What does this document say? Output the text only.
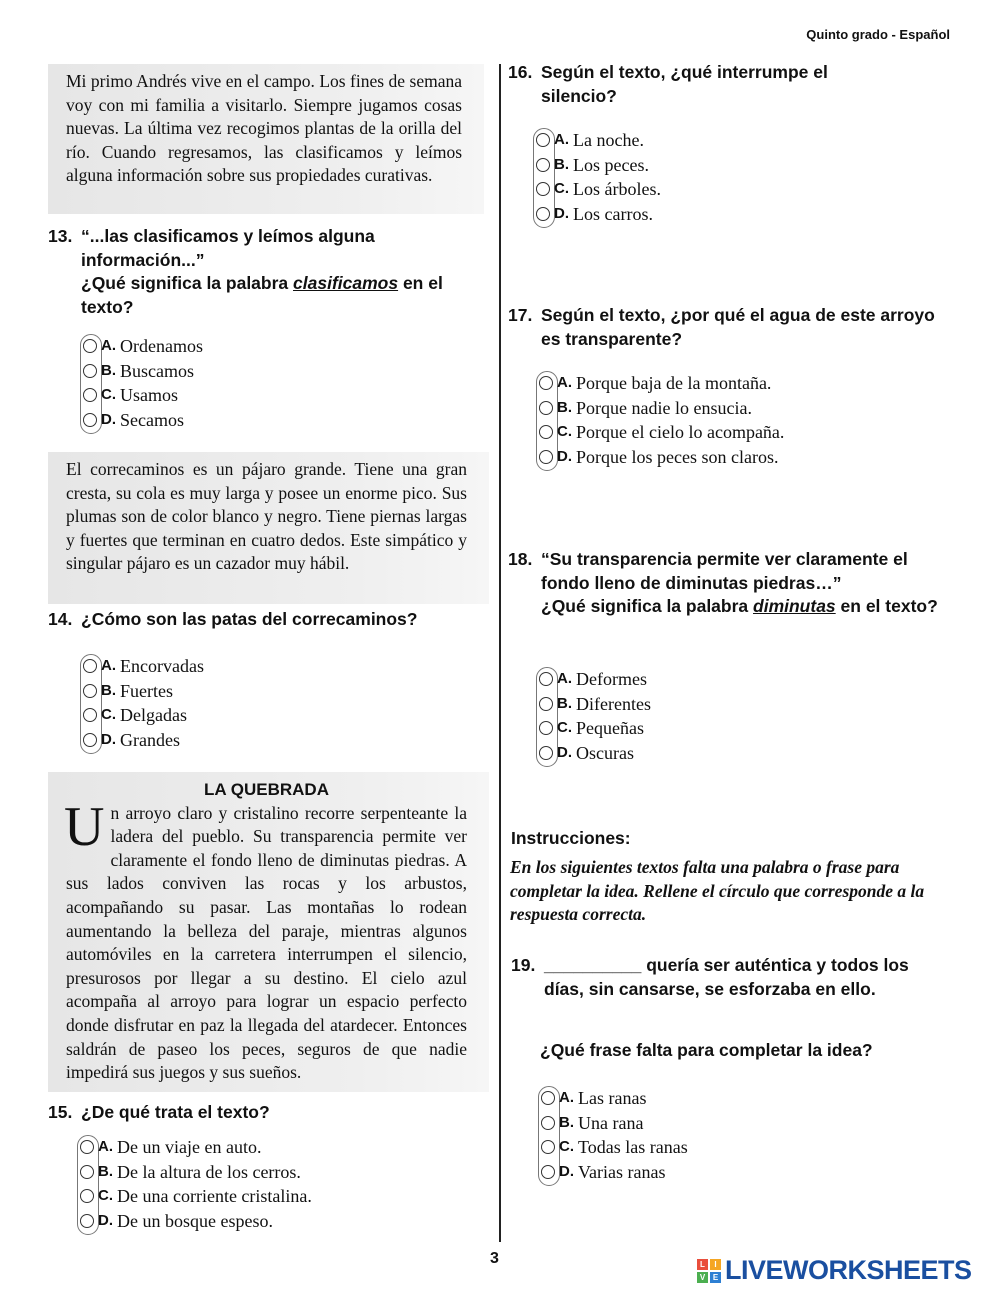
Quinto grado - Español

Mi primo Andrés vive en el campo. Los fines de semana voy con mi familia a visitarlo. Siempre jugamos cosas nuevas. La última vez recogimos plantas de la orilla del río. Cuando regresamos, las clasificamos y leímos alguna información sobre sus propiedades curativas.

13. “...las clasificamos y leímos alguna información...”
¿Qué significa la palabra clasificamos en el texto?
A. Ordenamos
B. Buscamos
C. Usamos
D. Secamos

El correcaminos es un pájaro grande. Tiene una gran cresta, su cola es muy larga y posee un enorme pico. Sus plumas son de color blanco y negro. Tiene piernas largas y fuertes que terminan en cuatro dedos. Este simpático y singular pájaro es un cazador muy hábil.

14. ¿Cómo son las patas del correcaminos?
A. Encorvadas
B. Fuertes
C. Delgadas
D. Grandes
LA QUEBRADA

Un arroyo claro y cristalino recorre serpenteante la ladera del pueblo. Su transparencia permite ver claramente el fondo lleno de diminutas piedras. A sus lados conviven las rocas y los arbustos, acompañando su pasar. Las montañas lo rodean aumentando la belleza del paraje, mientras algunos automóviles en la carretera interrumpen el silencio, presurosos por llegar a su destino. El cielo azul acompaña al arroyo para lograr un espacio perfecto donde disfrutar en paz la llegada del atardecer. Entonces saldrán de paseo los peces, seguros de que nadie impedirá sus juegos y sus sueños.

15. ¿De qué trata el texto?
A. De un viaje en auto.
B. De la altura de los cerros.
C. De una corriente cristalina.
D. De un bosque espeso.
16. Según el texto, ¿qué interrumpe el silencio?
A. La noche.
B. Los peces.
C. Los árboles.
D. Los carros.
17. Según el texto, ¿por qué el agua de este arroyo es transparente?
A. Porque baja de la montaña.
B. Porque nadie lo ensucia.
C. Porque el cielo lo acompaña.
D. Porque los peces son claros.
18. “Su transparencia permite ver claramente el fondo lleno de diminutas piedras…”
¿Qué significa la palabra diminutas en el texto?
A. Deformes
B. Diferentes
C. Pequeñas
D. Oscuras
Instrucciones:
En los siguientes textos falta una palabra o frase para completar la idea. Rellene el círculo que corresponde a la respuesta correcta.
19. __________ quería ser auténtica y todos los días, sin cansarse, se esforzaba en ello.
¿Qué frase falta para completar la idea?
A. Las ranas
B. Una rana
C. Todas las ranas
D. Varias ranas
3	L	I
V E LIVEWORKSHEETS
